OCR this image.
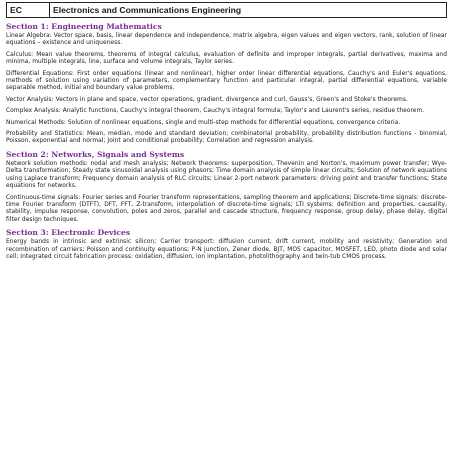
EC	Electronics and Communications Engineering
Section 1: Engineering Mathematics

Linear Algebra: Vector space, basis, linear dependence and independence, matrix algebra, eigen values and eigen vectors, rank, solution of linear equations – existence and uniqueness.

Calculus: Mean value theorems, theorems of integral calculus, evaluation of definite and improper integrals, partial derivatives, maxima and minima, multiple integrals, line, surface and volume integrals, Taylor series.

Differential Equations: First order equations (linear and nonlinear), higher order linear differential equations, Cauchy's and Euler's equations, methods of solution using variation of parameters, complementary function and particular integral, partial differential equations, variable separable method, initial and boundary value problems.

Vector Analysis: Vectors in plane and space, vector operations, gradient, divergence and curl, Gauss's, Green's and Stoke's theorems.

Complex Analysis: Analytic functions, Cauchy's integral theorem, Cauchy's integral formula; Taylor's and Laurent's series, residue theorem.

Numerical Methods: Solution of nonlinear equations, single and multi-step methods for differential equations, convergence criteria.

Probability and Statistics: Mean, median, mode and standard deviation; combinatorial probability, probability distribution functions - binomial, Poisson, exponential and normal; Joint and conditional probability; Correlation and regression analysis.

Section 2: Networks, Signals and Systems

Network solution methods: nodal and mesh analysis; Network theorems: superposition, Thevenin and Norton's, maximum power transfer; Wye-Delta transformation; Steady state sinusoidal analysis using phasors; Time domain analysis of simple linear circuits; Solution of network equations using Laplace transform; Frequency domain analysis of RLC circuits; Linear 2-port network parameters: driving point and transfer functions; State equations for networks.

Continuous-time signals: Fourier series and Fourier transform representations, sampling theorem and applications; Discrete-time signals: discrete-time Fourier transform (DTFT), DFT, FFT, Z-transform, interpolation of discrete-time signals; LTI systems: definition and properties, causality, stability, impulse response, convolution, poles and zeros, parallel and cascade structure, frequency response, group delay, phase delay, digital filter design techniques.

Section 3: Electronic Devices

Energy bands in intrinsic and extrinsic silicon; Carrier transport: diffusion current, drift current, mobility and resistivity; Generation and recombination of carriers; Poisson and continuity equations; P-N junction, Zener diode, BJT, MOS capacitor, MOSFET, LED, photo diode and solar cell; Integrated circuit fabrication process: oxidation, diffusion, ion implantation, photolithography and twin-tub CMOS process.
